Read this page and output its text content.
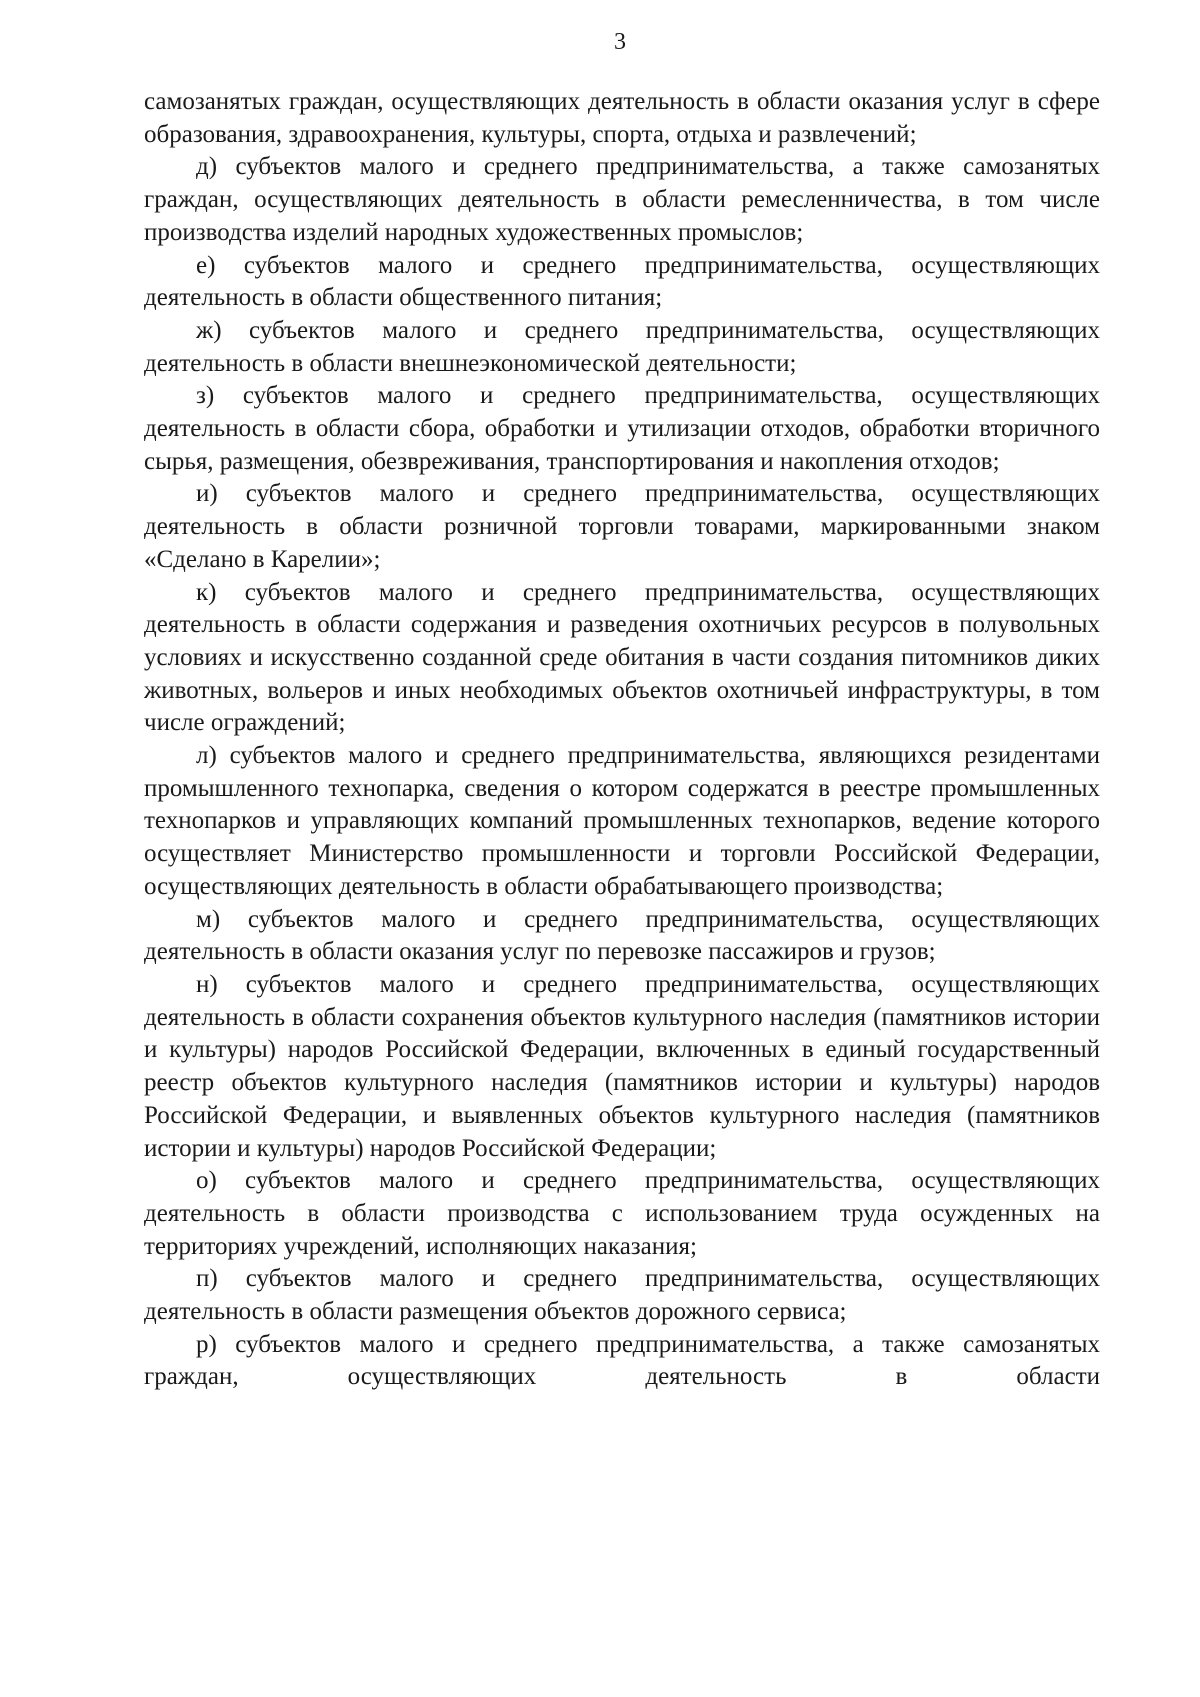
3

самозанятых граждан, осуществляющих деятельность в области оказания услуг в сфере образования, здравоохранения, культуры, спорта, отдыха и развлечений;

д) субъектов малого и среднего предпринимательства, а также самозанятых граждан, осуществляющих деятельность в области ремесленничества, в том числе производства изделий народных художественных промыслов;

е) субъектов малого и среднего предпринимательства, осуществляющих деятельность в области общественного питания;

ж) субъектов малого и среднего предпринимательства, осуществляющих деятельность в области внешнеэкономической деятельности;

з) субъектов малого и среднего предпринимательства, осуществляющих деятельность в области сбора, обработки и утилизации отходов, обработки вторичного сырья, размещения, обезвреживания, транспортирования и накопления отходов;

и) субъектов малого и среднего предпринимательства, осуществляющих деятельность в области розничной торговли товарами, маркированными знаком «Сделано в Карелии»;

к) субъектов малого и среднего предпринимательства, осуществляющих деятельность в области содержания и разведения охотничьих ресурсов в полувольных условиях и искусственно созданной среде обитания в части создания питомников диких животных, вольеров и иных необходимых объектов охотничьей инфраструктуры, в том числе ограждений;

л) субъектов малого и среднего предпринимательства, являющихся резидентами промышленного технопарка, сведения о котором содержатся в реестре промышленных технопарков и управляющих компаний промышленных технопарков, ведение которого осуществляет Министерство промышленности и торговли Российской Федерации, осуществляющих деятельность в области обрабатывающего производства;

м) субъектов малого и среднего предпринимательства, осуществляющих деятельность в области оказания услуг по перевозке пассажиров и грузов;

н) субъектов малого и среднего предпринимательства, осуществляющих деятельность в области сохранения объектов культурного наследия (памятников истории и культуры) народов Российской Федерации, включенных в единый государственный реестр объектов культурного наследия (памятников истории и культуры) народов Российской Федерации, и выявленных объектов культурного наследия (памятников истории и культуры) народов Российской Федерации;

о) субъектов малого и среднего предпринимательства, осуществляющих деятельность в области производства с использованием труда осужденных на территориях учреждений, исполняющих наказания;

п) субъектов малого и среднего предпринимательства, осуществляющих деятельность в области размещения объектов дорожного сервиса;

р) субъектов малого и среднего предпринимательства, а также самозанятых граждан, осуществляющих деятельность в области
